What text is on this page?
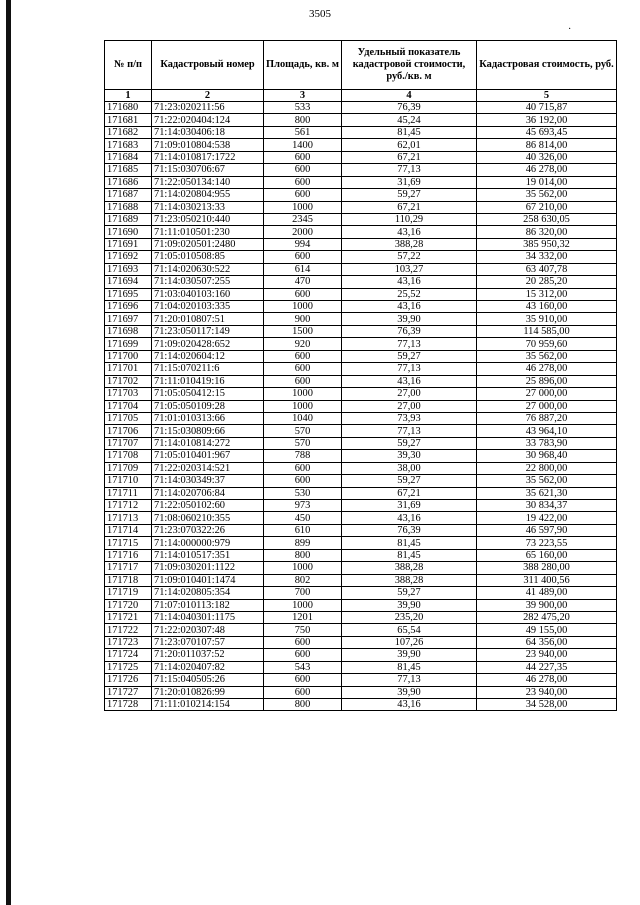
3505
·
№ п/п	Кадастровый номер	Площадь, кв. м	Удельный показатель кадастровой стоимости, руб./кв. м	Кадастровая стоимость, руб.
1	2	3	4	5
171680	71:23:020211:56	533	76,39	40 715,87
171681	71:22:020404:124	800	45,24	36 192,00
171682	71:14:030406:18	561	81,45	45 693,45
171683	71:09:010804:538	1400	62,01	86 814,00
171684	71:14:010817:1722	600	67,21	40 326,00
171685	71:15:030706:67	600	77,13	46 278,00
171686	71:22:050134:140	600	31,69	19 014,00
171687	71:14:020804:955	600	59,27	35 562,00
171688	71:14:030213:33	1000	67,21	67 210,00
171689	71:23:050210:440	2345	110,29	258 630,05
171690	71:11:010501:230	2000	43,16	86 320,00
171691	71:09:020501:2480	994	388,28	385 950,32
171692	71:05:010508:85	600	57,22	34 332,00
171693	71:14:020630:522	614	103,27	63 407,78
171694	71:14:030507:255	470	43,16	20 285,20
171695	71:03:040103:160	600	25,52	15 312,00
171696	71:04:020103:335	1000	43,16	43 160,00
171697	71:20:010807:51	900	39,90	35 910,00
171698	71:23:050117:149	1500	76,39	114 585,00
171699	71:09:020428:652	920	77,13	70 959,60
171700	71:14:020604:12	600	59,27	35 562,00
171701	71:15:070211:6	600	77,13	46 278,00
171702	71:11:010419:16	600	43,16	25 896,00
171703	71:05:050412:15	1000	27,00	27 000,00
171704	71:05:050109:28	1000	27,00	27 000,00
171705	71:01:010313:66	1040	73,93	76 887,20
171706	71:15:030809:66	570	77,13	43 964,10
171707	71:14:010814:272	570	59,27	33 783,90
171708	71:05:010401:967	788	39,30	30 968,40
171709	71:22:020314:521	600	38,00	22 800,00
171710	71:14:030349:37	600	59,27	35 562,00
171711	71:14:020706:84	530	67,21	35 621,30
171712	71:22:050102:60	973	31,69	30 834,37
171713	71:08:060210:355	450	43,16	19 422,00
171714	71:23:070322:26	610	76,39	46 597,90
171715	71:14:000000:979	899	81,45	73 223,55
171716	71:14:010517:351	800	81,45	65 160,00
171717	71:09:030201:1122	1000	388,28	388 280,00
171718	71:09:010401:1474	802	388,28	311 400,56
171719	71:14:020805:354	700	59,27	41 489,00
171720	71:07:010113:182	1000	39,90	39 900,00
171721	71:14:040301:1175	1201	235,20	282 475,20
171722	71:22:020307:48	750	65,54	49 155,00
171723	71:23:070107:57	600	107,26	64 356,00
171724	71:20:011037:52	600	39,90	23 940,00
171725	71:14:020407:82	543	81,45	44 227,35
171726	71:15:040505:26	600	77,13	46 278,00
171727	71:20:010826:99	600	39,90	23 940,00
171728	71:11:010214:154	800	43,16	34 528,00
